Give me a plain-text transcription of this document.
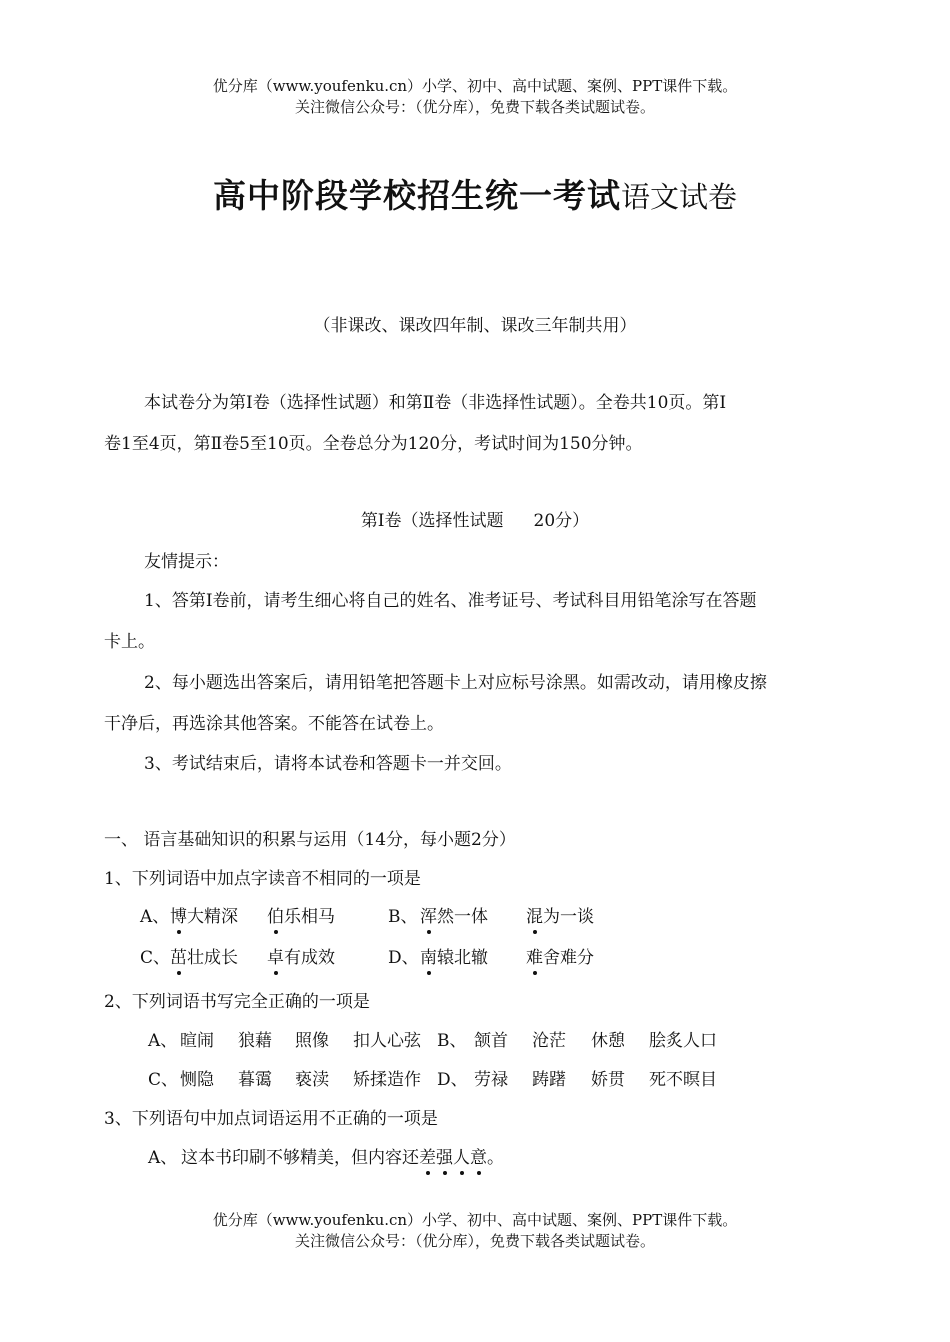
优分库（www.youfenku.cn）小学、初中、高中试题、案例、PPT课件下载。
关注微信公众号：（优分库），免费下载各类试题试卷。
高中阶段学校招生统一考试语文试卷
（非课改、课改四年制、课改三年制共用）
本试卷分为第Ⅰ卷（选择性试题）和第Ⅱ卷（非选择性试题）。全卷共10页。第Ⅰ
卷1至4页，第Ⅱ卷5至10页。全卷总分为120分，考试时间为150分钟。
第Ⅰ卷（选择性试题 20分）
友情提示：
1、答第Ⅰ卷前，请考生细心将自己的姓名、准考证号、考试科目用铅笔涂写在答题
卡上。
2、每小题选出答案后，请用铅笔把答题卡上对应标号涂黑。如需改动，请用橡皮擦
干净后，再选涂其他答案。不能答在试卷上。
3、考试结束后，请将本试卷和答题卡一并交回。
一、 语言基础知识的积累与运用（14分，每小题2分）
1、下列词语中加点字读音不相同的一项是
A、 博大精深 伯乐相马	B、 浑然一体 混为一谈
C、 茁壮成长 卓有成效	D、 南辕北辙 难舍难分
2、下列词语书写完全正确的一项是
A、 暄闹 狼藉 照像 扣人心弦 B、 颔首 沧茫 休憩 脍炙人口
C、 恻隐 暮霭 亵渎 矫揉造作 D、 劳禄 踌躇 娇贯 死不暝目
3、下列语句中加点词语运用不正确的一项是
A、 这本书印刷不够精美，但内容还差强人意。
优分库（www.youfenku.cn）小学、初中、高中试题、案例、PPT课件下载。
关注微信公众号：（优分库），免费下载各类试题试卷。
